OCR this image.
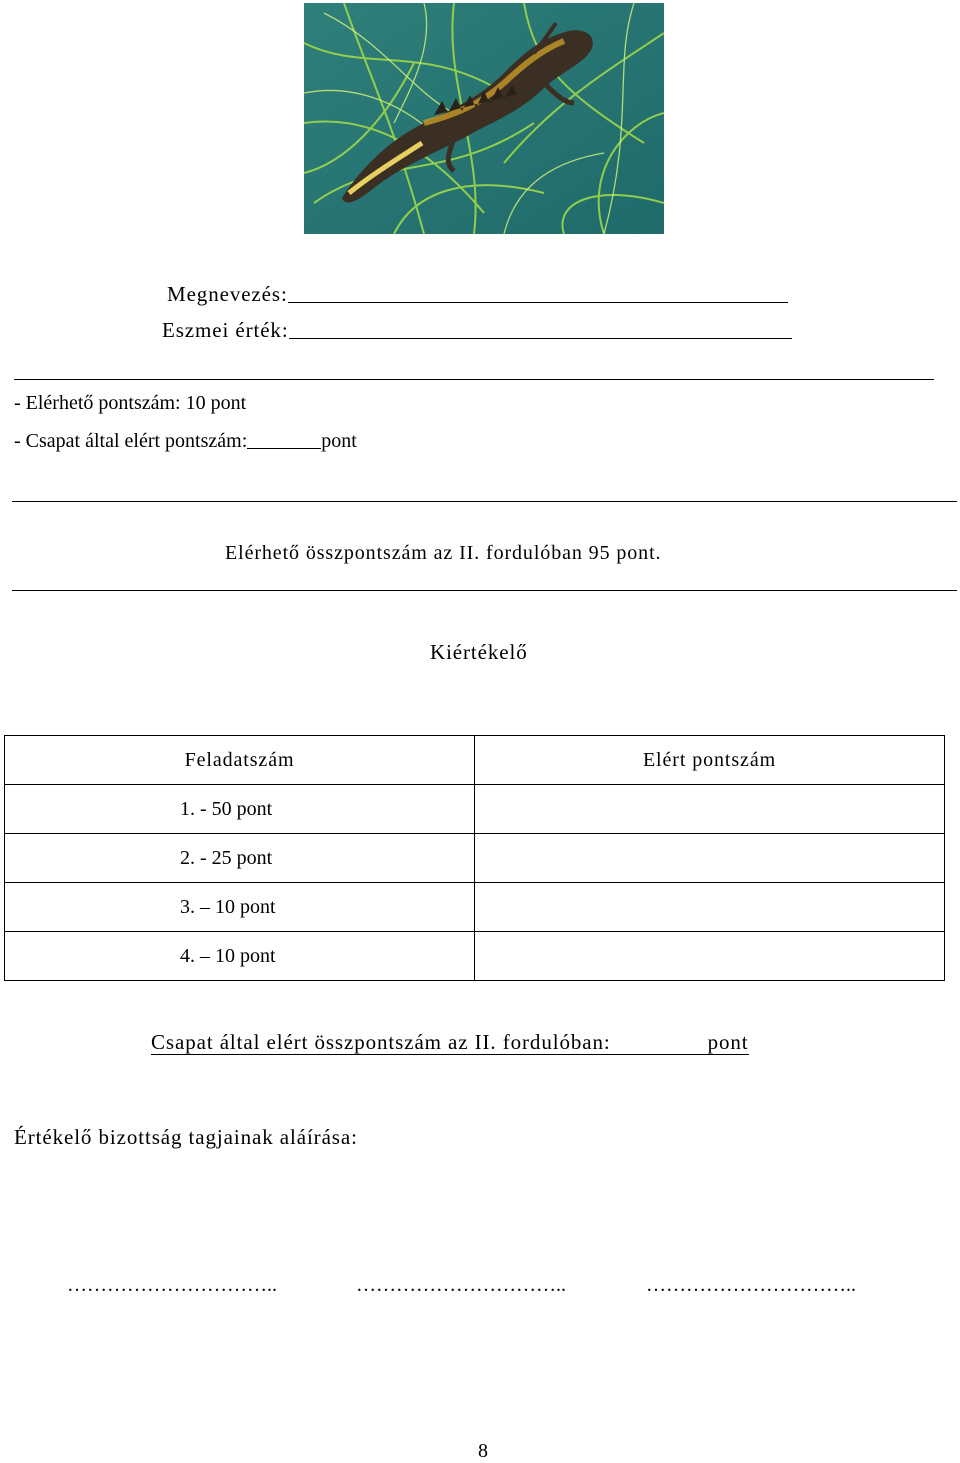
Megnevezés:
Eszmei érték:
- Elérhető pontszám: 10 pont
- Csapat által elért pontszám:	pont
Elérhető összpontszám az II. fordulóban 95 pont.
Kiértékelő
Feladatszám	Elért pontszám
1. - 50 pont	
2. - 25 pont	
3. – 10 pont	
4. – 10 pont	
Csapat által elért összpontszám az II. fordulóban:	pont
Értékelő bizottság tagjainak aláírása:
…………………………..	…………………………..	…………………………..
8
